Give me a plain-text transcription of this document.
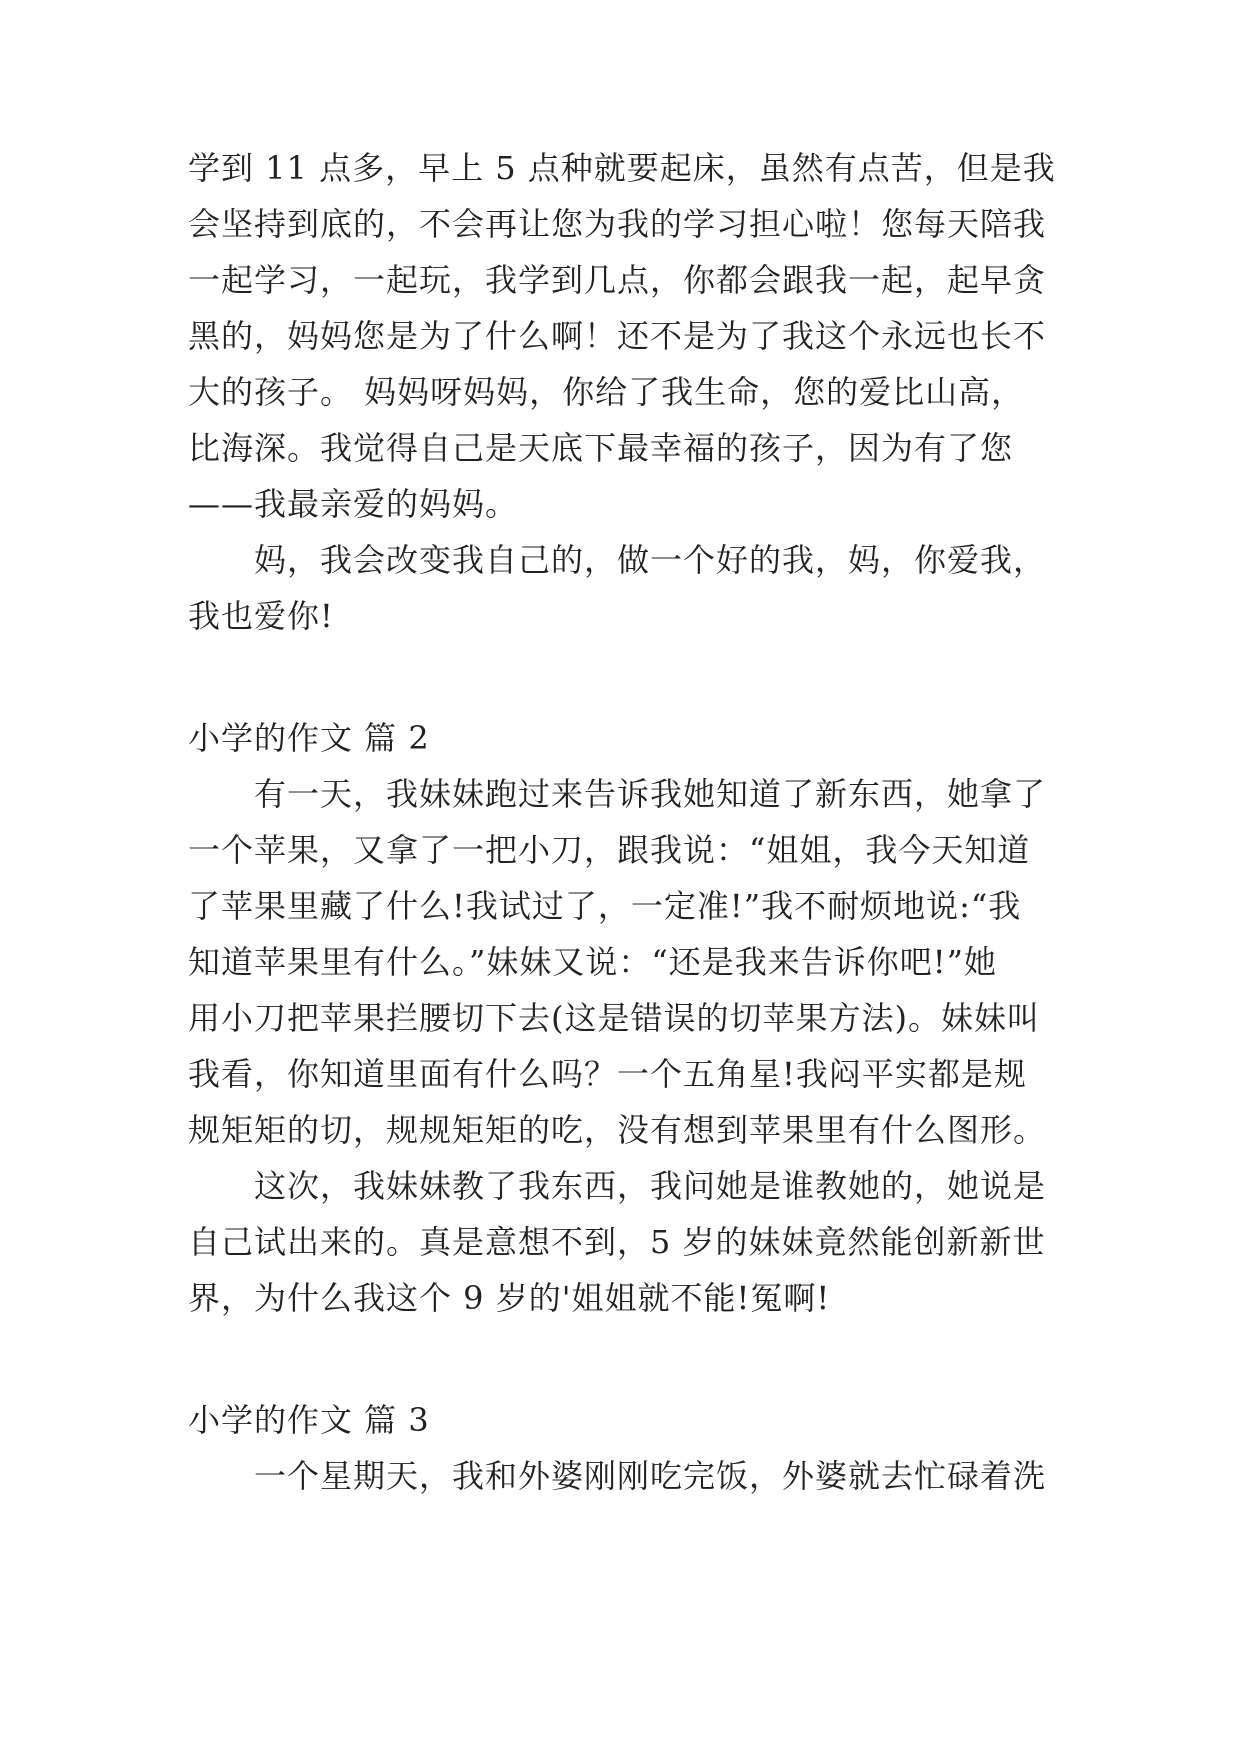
学到 11 点多，早上 5 点种就要起床，虽然有点苦，但是我
会坚持到底的，不会再让您为我的学习担心啦！您每天陪我
一起学习，一起玩，我学到几点，你都会跟我一起，起早贪
黑的，妈妈您是为了什么啊！还不是为了我这个永远也长不
大的孩子。 妈妈呀妈妈，你给了我生命，您的爱比山高，
比海深。我觉得自己是天底下最幸福的孩子，因为有了您
——我最亲爱的妈妈。
妈，我会改变我自己的，做一个好的我，妈，你爱我，
我也爱你!
小学的作文 篇 2
有一天，我妹妹跑过来告诉我她知道了新东西，她拿了
一个苹果，又拿了一把小刀，跟我说：“姐姐，我今天知道
了苹果里藏了什么!我试过了，一定准!”我不耐烦地说:“我
知道苹果里有什么。”妹妹又说：“还是我来告诉你吧!”她
用小刀把苹果拦腰切下去(这是错误的切苹果方法)。妹妹叫
我看，你知道里面有什么吗？一个五角星!我闷平实都是规
规矩矩的切，规规矩矩的吃，没有想到苹果里有什么图形。
这次，我妹妹教了我东西，我问她是谁教她的，她说是
自己试出来的。真是意想不到，5 岁的妹妹竟然能创新新世
界，为什么我这个 9 岁的'姐姐就不能!冤啊!
小学的作文 篇 3
一个星期天，我和外婆刚刚吃完饭，外婆就去忙碌着洗
